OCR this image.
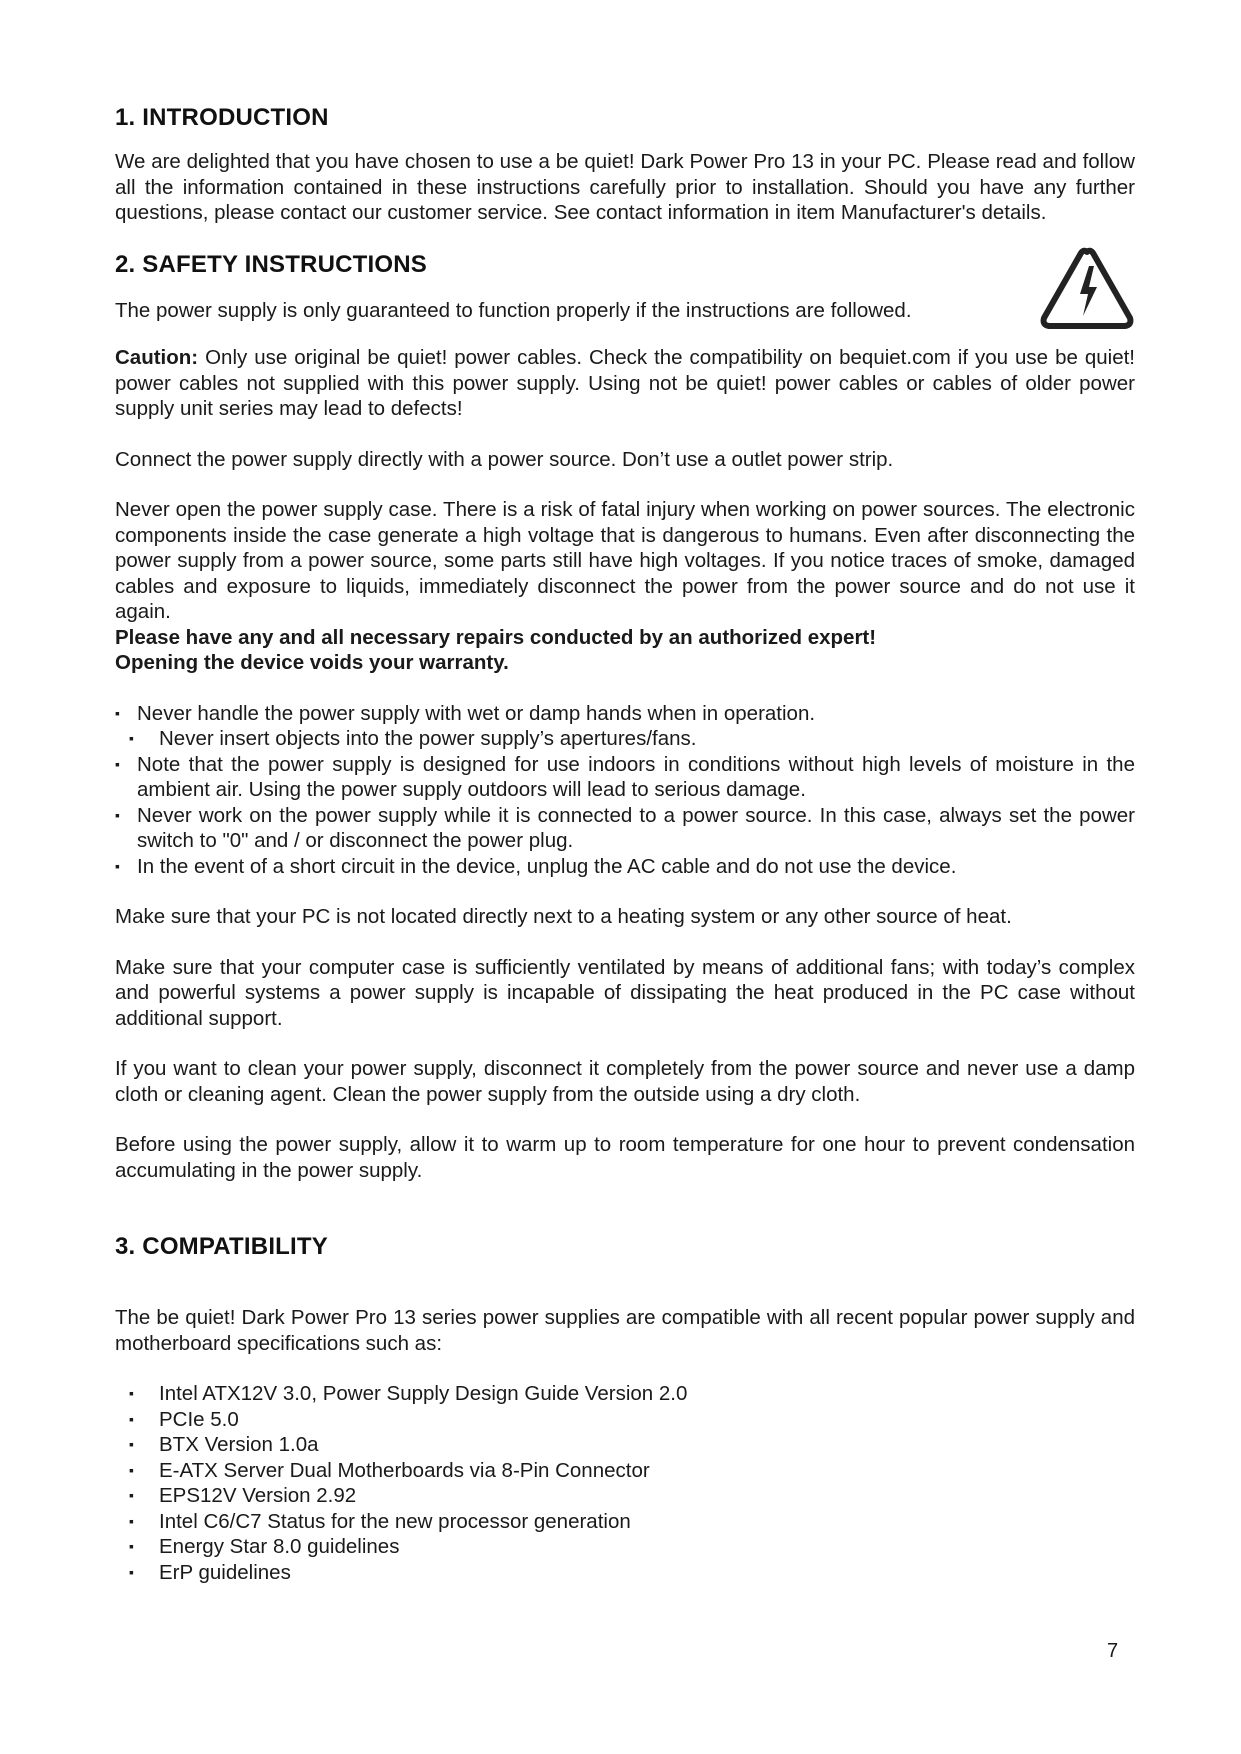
1. INTRODUCTION

We are delighted that you have chosen to use a be quiet! Dark Power Pro 13 in your PC. Please read and follow all the information contained in these instructions carefully prior to installation. Should you have any further questions, please contact our customer service. See contact information in item Manufacturer's details.

2. SAFETY INSTRUCTIONS

The power supply is only guaranteed to function properly if the instructions are followed.

Caution: Only use original be quiet! power cables. Check the compatibility on bequiet.com if you use be quiet! power cables not supplied with this power supply. Using not be quiet! power cables or cables of older power supply unit series may lead to defects!

Connect the power supply directly with a power source. Don’t use a outlet power strip.

Never open the power supply case. There is a risk of fatal injury when working on power sources. The electronic components inside the case generate a high voltage that is dangerous to humans. Even after disconnecting the power supply from a power source, some parts still have high voltages. If you notice traces of smoke, damaged cables and exposure to liquids, immediately disconnect the power from the power source and do not use it again.

Please have any and all necessary repairs conducted by an authorized expert!

Opening the device voids your warranty.

▪ Never handle the power supply with wet or damp hands when in operation.
▪ Never insert objects into the power supply’s apertures/fans.
▪ Note that the power supply is designed for use indoors in conditions without high levels of moisture in the ambient air. Using the power supply outdoors will lead to serious damage.
▪ Never work on the power supply while it is connected to a power source. In this case, always set the power switch to "0" and / or disconnect the power plug.
▪ In the event of a short circuit in the device, unplug the AC cable and do not use the device.

Make sure that your PC is not located directly next to a heating system or any other source of heat.

Make sure that your computer case is sufficiently ventilated by means of additional fans; with today’s complex and powerful systems a power supply is incapable of dissipating the heat produced in the PC case without additional support.

If you want to clean your power supply, disconnect it completely from the power source and never use a damp cloth or cleaning agent. Clean the power supply from the outside using a dry cloth.

Before using the power supply, allow it to warm up to room temperature for one hour to prevent condensation accumulating in the power supply.

3. COMPATIBILITY

The be quiet! Dark Power Pro 13 series power supplies are compatible with all recent popular power supply and motherboard specifications such as:

▪ Intel ATX12V 3.0, Power Supply Design Guide Version 2.0
▪ PCIe 5.0
▪ BTX Version 1.0a
▪ E-ATX Server Dual Motherboards via 8-Pin Connector
▪ EPS12V Version 2.92
▪ Intel C6/C7 Status for the new processor generation
▪ Energy Star 8.0 guidelines
▪ ErP guidelines
7
